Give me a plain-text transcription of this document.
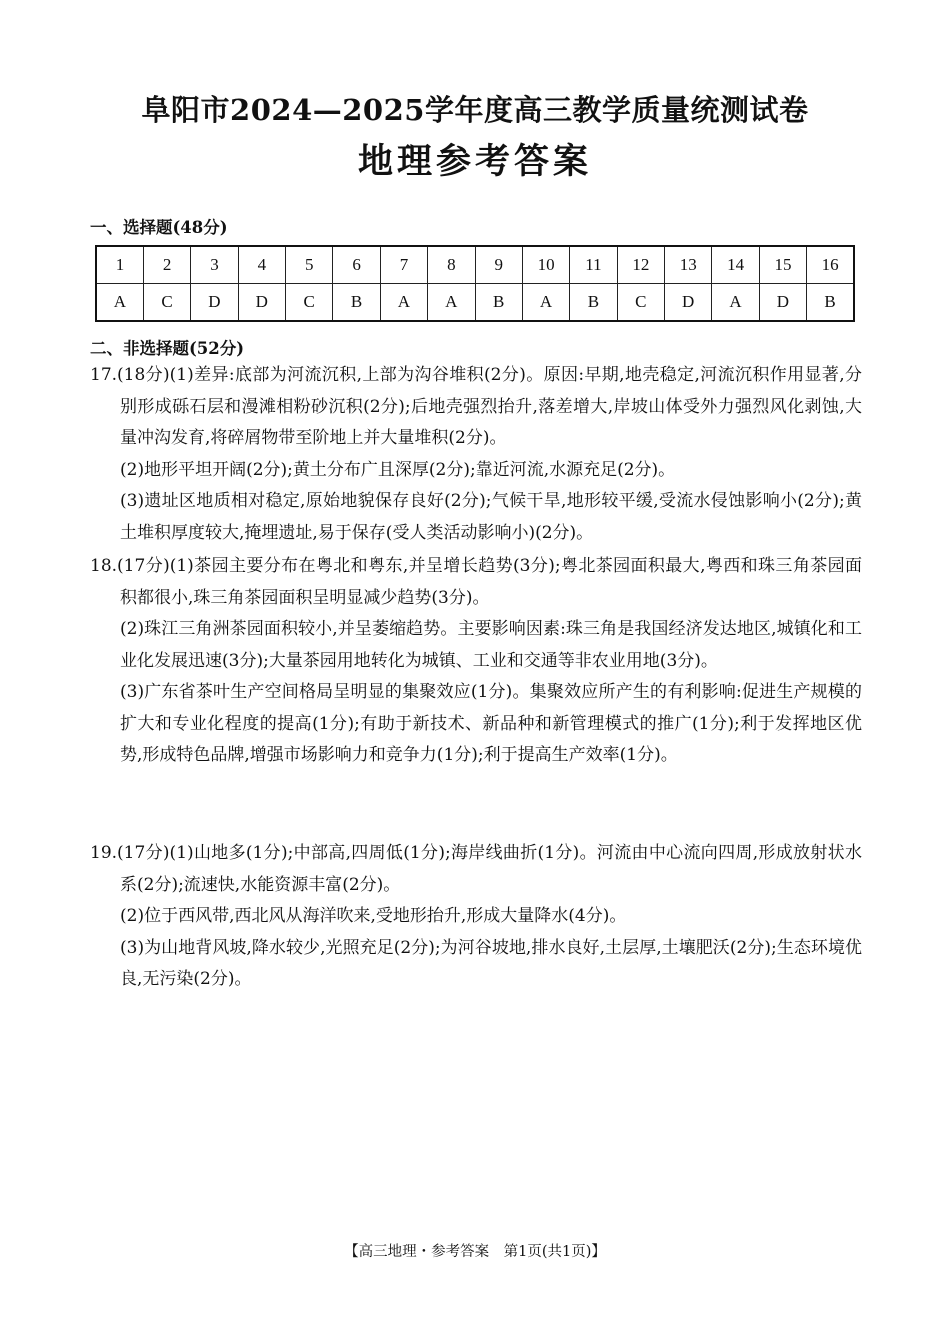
阜阳市2024—2025学年度高三教学质量统测试卷
地理参考答案
一、选择题(48分)
1	2	3	4	5	6	7	8	9	10	11	12	13	14	15	16
A	C	D	D	C	B	A	A	B	A	B	C	D	A	D	B
二、非选择题(52分)

17.(18分)(1)差异:底部为河流沉积,上部为沟谷堆积(2分)。原因:早期,地壳稳定,河流沉积作用显著,分别形成砾石层和漫滩相粉砂沉积(2分);后地壳强烈抬升,落差增大,岸坡山体受外力强烈风化剥蚀,大量冲沟发育,将碎屑物带至阶地上并大量堆积(2分)。

(2)地形平坦开阔(2分);黄土分布广且深厚(2分);靠近河流,水源充足(2分)。

(3)遗址区地质相对稳定,原始地貌保存良好(2分);气候干旱,地形较平缓,受流水侵蚀影响小(2分);黄土堆积厚度较大,掩埋遗址,易于保存(受人类活动影响小)(2分)。

18.(17分)(1)茶园主要分布在粤北和粤东,并呈增长趋势(3分);粤北茶园面积最大,粤西和珠三角茶园面积都很小,珠三角茶园面积呈明显减少趋势(3分)。

(2)珠江三角洲茶园面积较小,并呈萎缩趋势。主要影响因素:珠三角是我国经济发达地区,城镇化和工业化发展迅速(3分);大量茶园用地转化为城镇、工业和交通等非农业用地(3分)。

(3)广东省茶叶生产空间格局呈明显的集聚效应(1分)。集聚效应所产生的有利影响:促进生产规模的扩大和专业化程度的提高(1分);有助于新技术、新品种和新管理模式的推广(1分);利于发挥地区优势,形成特色品牌,增强市场影响力和竞争力(1分);利于提高生产效率(1分)。

19.(17分)(1)山地多(1分);中部高,四周低(1分);海岸线曲折(1分)。河流由中心流向四周,形成放射状水系(2分);流速快,水能资源丰富(2分)。

(2)位于西风带,西北风从海洋吹来,受地形抬升,形成大量降水(4分)。

(3)为山地背风坡,降水较少,光照充足(2分);为河谷坡地,排水良好,土层厚,土壤肥沃(2分);生态环境优良,无污染(2分)。

【高三地理・参考答案　第1页(共1页)】
